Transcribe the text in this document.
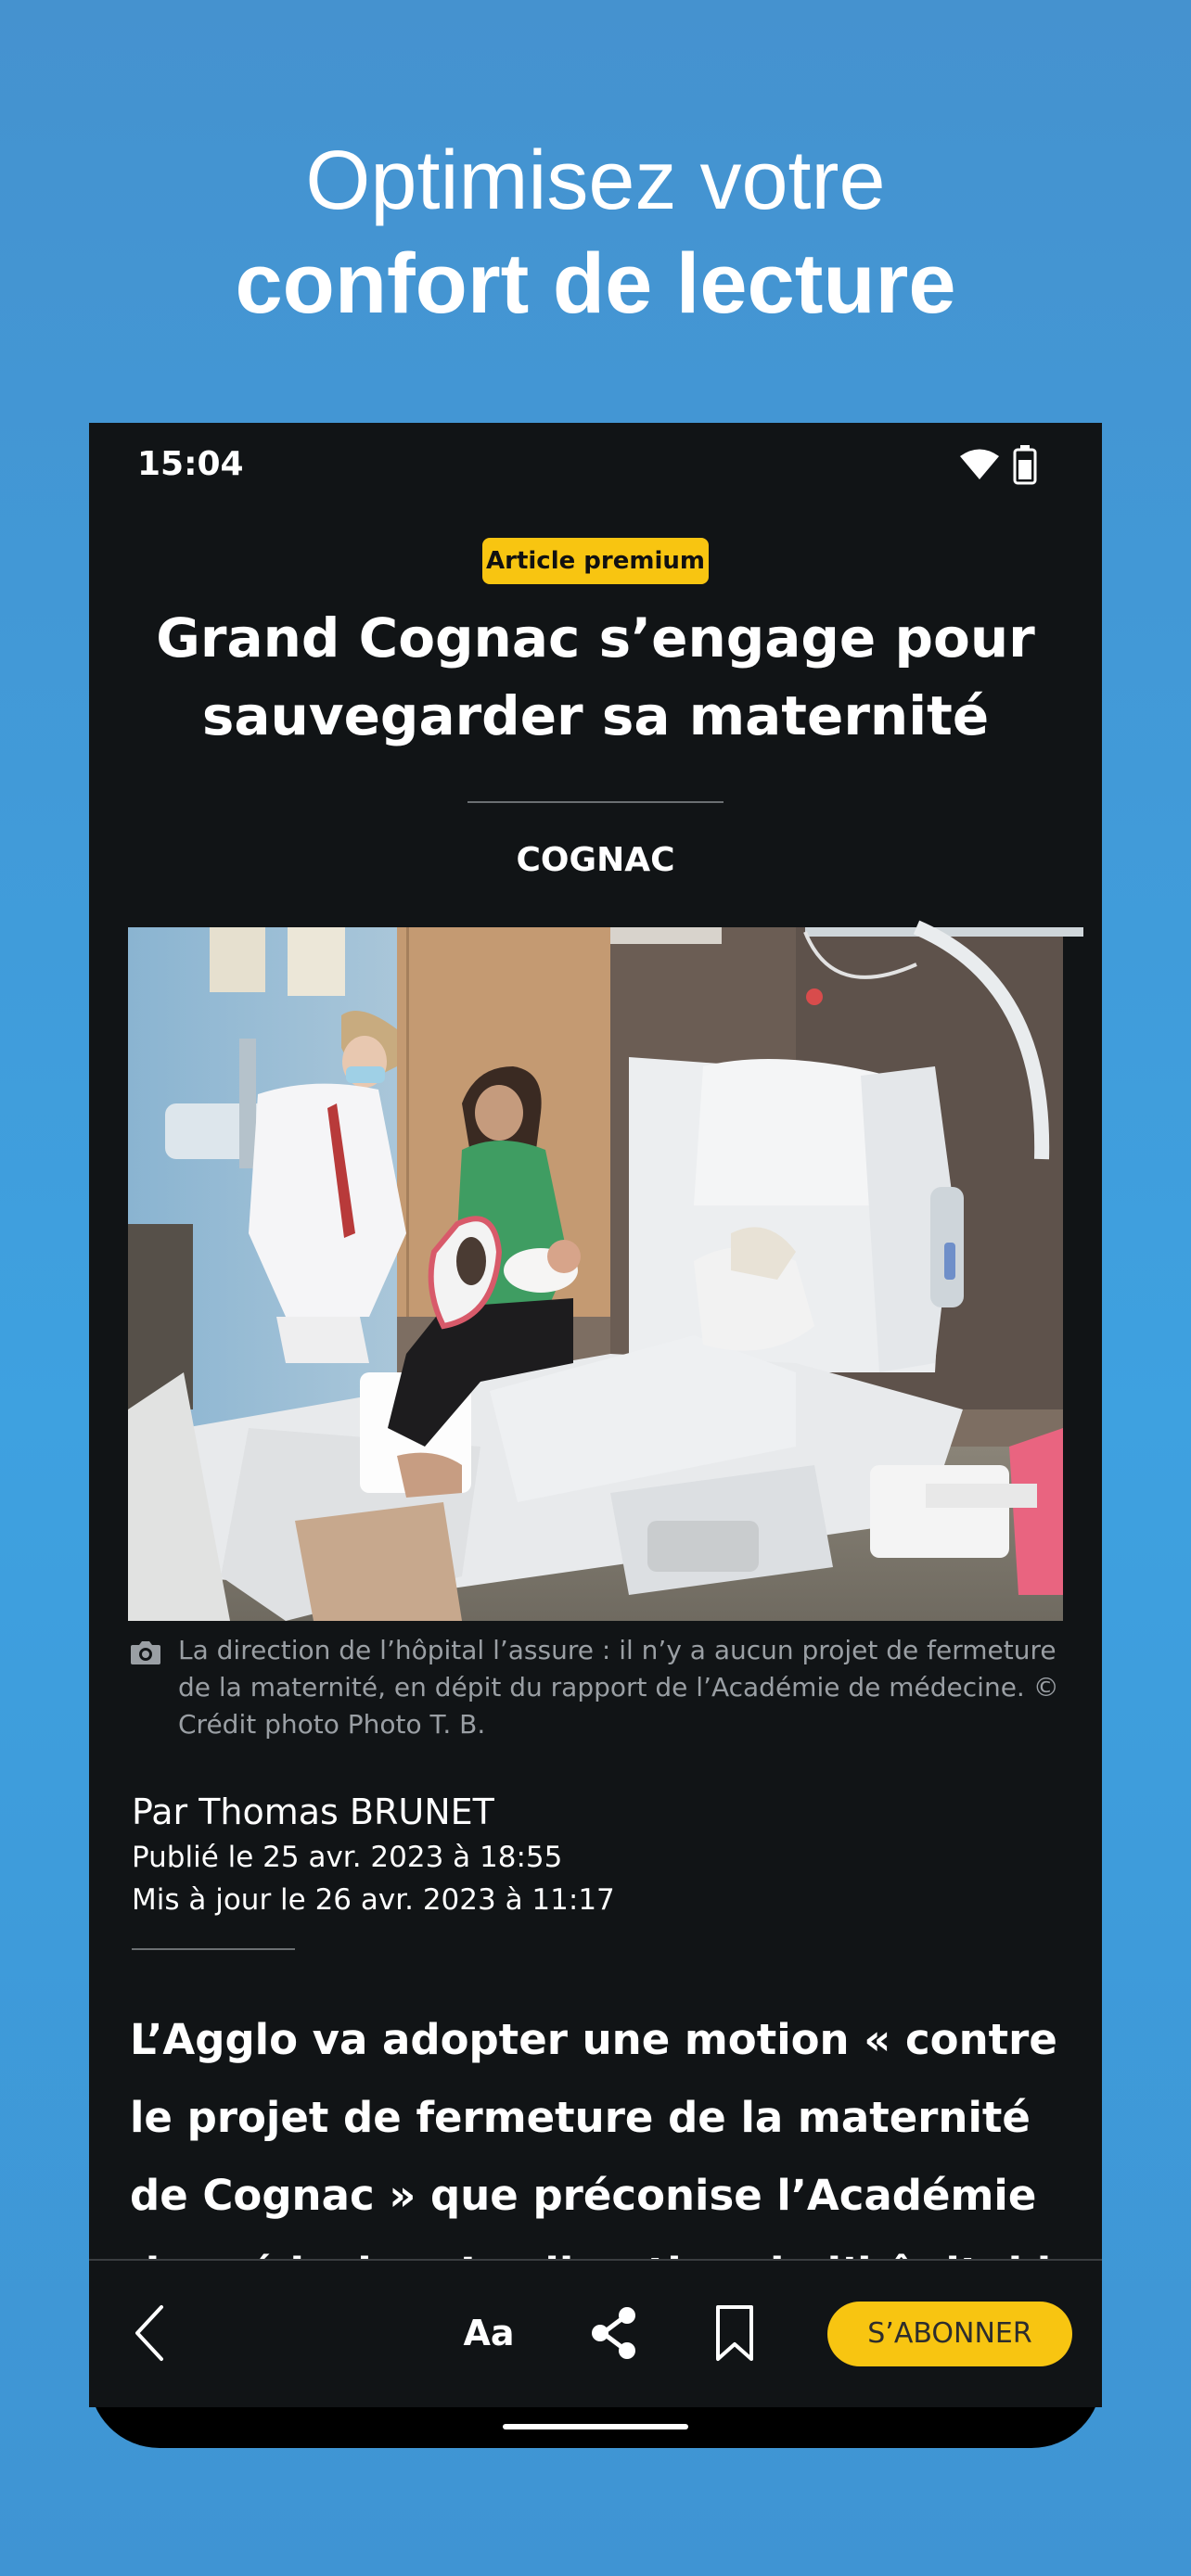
Optimisez votre
confort de lecture
15:04
Article premium
Grand Cognac s’engage pour sauvegarder sa maternité
COGNAC
La direction de l’hôpital l’assure : il n’y a aucun projet de fermeture de la maternité, en dépit du rapport de l’Académie de médecine. © Crédit photo Photo T. B.
Par Thomas BRUNET
Publié le 25 avr. 2023 à 18:55
Mis à jour le 26 avr. 2023 à 11:17

L’Agglo va adopter une motion « contre le projet de fermeture de la maternité de Cognac » que préconise l’Académie

Aa	S’ABONNER
